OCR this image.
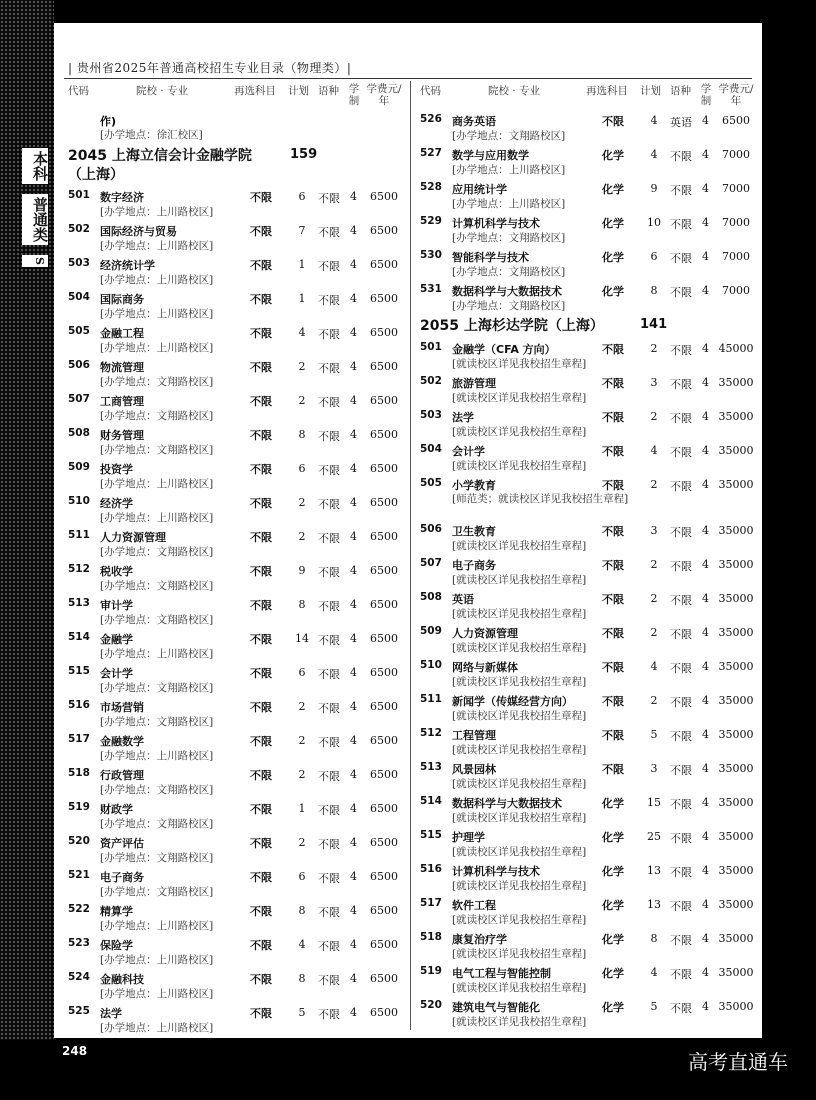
本科
普通类
S
| 贵州省2025年普通高校招生专业目录（物理类）|
代码	院校 · 专业	再选科目 计划 语种 学制
学费元/年
作)
[办学地点：徐汇校区]
2045 上海立信会计金融学院（上海）
159
501 数字经济
[办学地点：上川路校区]
不限	6	不限 4	6500
502 国际经济与贸易
[办学地点：上川路校区]
不限	7	不限 4	6500
503 经济统计学
[办学地点：上川路校区]
不限	1	不限 4	6500
504 国际商务
[办学地点：上川路校区]
不限	1	不限 4	6500
505 金融工程
[办学地点：上川路校区]
不限	4	不限 4	6500
506 物流管理
[办学地点：文翔路校区]
不限	2	不限 4	6500
507 工商管理
[办学地点：文翔路校区]
不限	2	不限 4	6500
508 财务管理
[办学地点：文翔路校区]
不限	8	不限 4	6500
509 投资学
[办学地点：上川路校区]
不限	6	不限 4	6500
510 经济学
[办学地点：上川路校区]
不限	2	不限 4	6500
511 人力资源管理
[办学地点：文翔路校区]
不限	2	不限 4	6500
512 税收学
[办学地点：文翔路校区]
不限	9	不限 4	6500
513 审计学
[办学地点：文翔路校区]
不限	8	不限 4	6500
514 金融学
[办学地点：上川路校区]
不限	14 不限 4	6500
515 会计学
[办学地点：文翔路校区]
不限	6	不限 4	6500
516 市场营销
[办学地点：文翔路校区]
不限	2	不限 4	6500
517 金融数学
[办学地点：上川路校区]
不限	2	不限 4	6500
518 行政管理
[办学地点：文翔路校区]
不限	2	不限 4	6500
519 财政学
[办学地点：文翔路校区]
不限	1	不限 4	6500
520 资产评估
[办学地点：文翔路校区]
不限	2	不限 4	6500
521 电子商务
[办学地点：文翔路校区]
不限	6	不限 4	6500
522 精算学
[办学地点：上川路校区]
不限	8	不限 4	6500
523 保险学
[办学地点：上川路校区]
不限	4	不限 4	6500
524 金融科技
[办学地点：上川路校区]
不限	8	不限 4	6500
525 法学
[办学地点：上川路校区]
不限	5	不限 4	6500
代码	院校 · 专业	再选科目 计划 语种 学制
学费元/年
526 商务英语
[办学地点：文翔路校区]
不限	4	英语 4	6500
527 数学与应用数学
[办学地点：上川路校区]
化学	4	不限 4	7000
528 应用统计学
[办学地点：上川路校区]
化学	9	不限 4	7000
529 计算机科学与技术
[办学地点：文翔路校区]
化学	10 不限 4	7000
530 智能科学与技术
[办学地点：文翔路校区]
化学	6	不限 4	7000
531 数据科学与大数据技术
[办学地点：文翔路校区]
化学	8	不限 4	7000
2055 上海杉达学院（上海）	141
501 金融学（CFA 方向）
[就读校区详见我校招生章程]
不限	2	不限 4 45000
502 旅游管理
[就读校区详见我校招生章程]
不限	3	不限 4 35000
503 法学
[就读校区详见我校招生章程]
不限	2	不限 4 35000
504 会计学
[就读校区详见我校招生章程]
不限	4	不限 4 35000
505 小学教育
[师范类；就读校区详见我校招生章程]
不限	2	不限 4 35000
506 卫生教育
[就读校区详见我校招生章程]
不限	3	不限 4 35000
507 电子商务
[就读校区详见我校招生章程]
不限	2	不限 4 35000
508 英语
[就读校区详见我校招生章程]
不限	2	不限 4 35000
509 人力资源管理
[就读校区详见我校招生章程]
不限	2	不限 4 35000
510 网络与新媒体
[就读校区详见我校招生章程]
不限	4	不限 4 35000
511 新闻学（传媒经营方向）
[就读校区详见我校招生章程]
不限	2	不限 4 35000
512 工程管理
[就读校区详见我校招生章程]
不限	5	不限 4 35000
513 风景园林
[就读校区详见我校招生章程]
不限	3	不限 4 35000
514 数据科学与大数据技术
[就读校区详见我校招生章程]
化学	15 不限 4 35000
515 护理学
[就读校区详见我校招生章程]
化学	25 不限 4 35000
516 计算机科学与技术
[就读校区详见我校招生章程]
化学	13 不限 4 35000
517 软件工程
[就读校区详见我校招生章程]
化学	13 不限 4 35000
518 康复治疗学
[就读校区详见我校招生章程]
化学	8	不限 4 35000
519 电气工程与智能控制
[就读校区详见我校招生章程]
化学	4	不限 4 35000
520 建筑电气与智能化
[就读校区详见我校招生章程]
化学	5	不限 4 35000
248	高考直通车
